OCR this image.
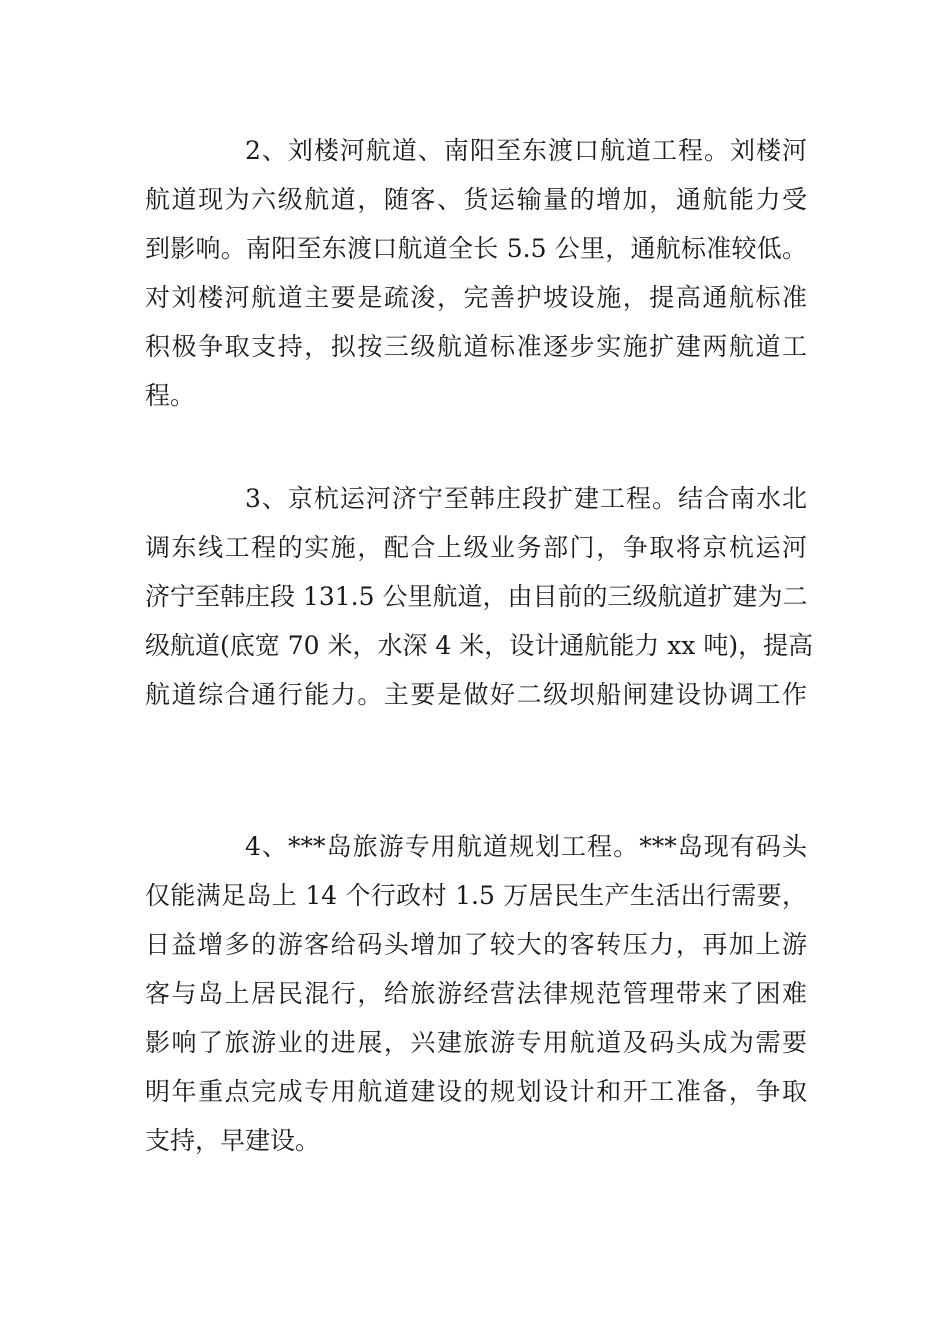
2、刘楼河航道、南阳至东渡口航道工程。刘楼河
航道现为六级航道，随客、货运输量的增加，通航能力受
到影响。南阳至东渡口航道全长 5.5 公里，通航标准较低。
对刘楼河航道主要是疏浚，完善护坡设施，提高通航标准
积极争取支持，拟按三级航道标准逐步实施扩建两航道工
程。
3、京杭运河济宁至韩庄段扩建工程。结合南水北
调东线工程的实施，配合上级业务部门，争取将京杭运河
济宁至韩庄段 131.5 公里航道，由目前的三级航道扩建为二
级航道(底宽 70 米，水深 4 米，设计通航能力 xx 吨)，提高
航道综合通行能力。主要是做好二级坝船闸建设协调工作
4、***岛旅游专用航道规划工程。***岛现有码头
仅能满足岛上 14 个行政村 1.5 万居民生产生活出行需要，
日益增多的游客给码头增加了较大的客转压力，再加上游
客与岛上居民混行，给旅游经营法律规范管理带来了困难
影响了旅游业的进展，兴建旅游专用航道及码头成为需要
明年重点完成专用航道建设的规划设计和开工准备，争取
支持，早建设。
